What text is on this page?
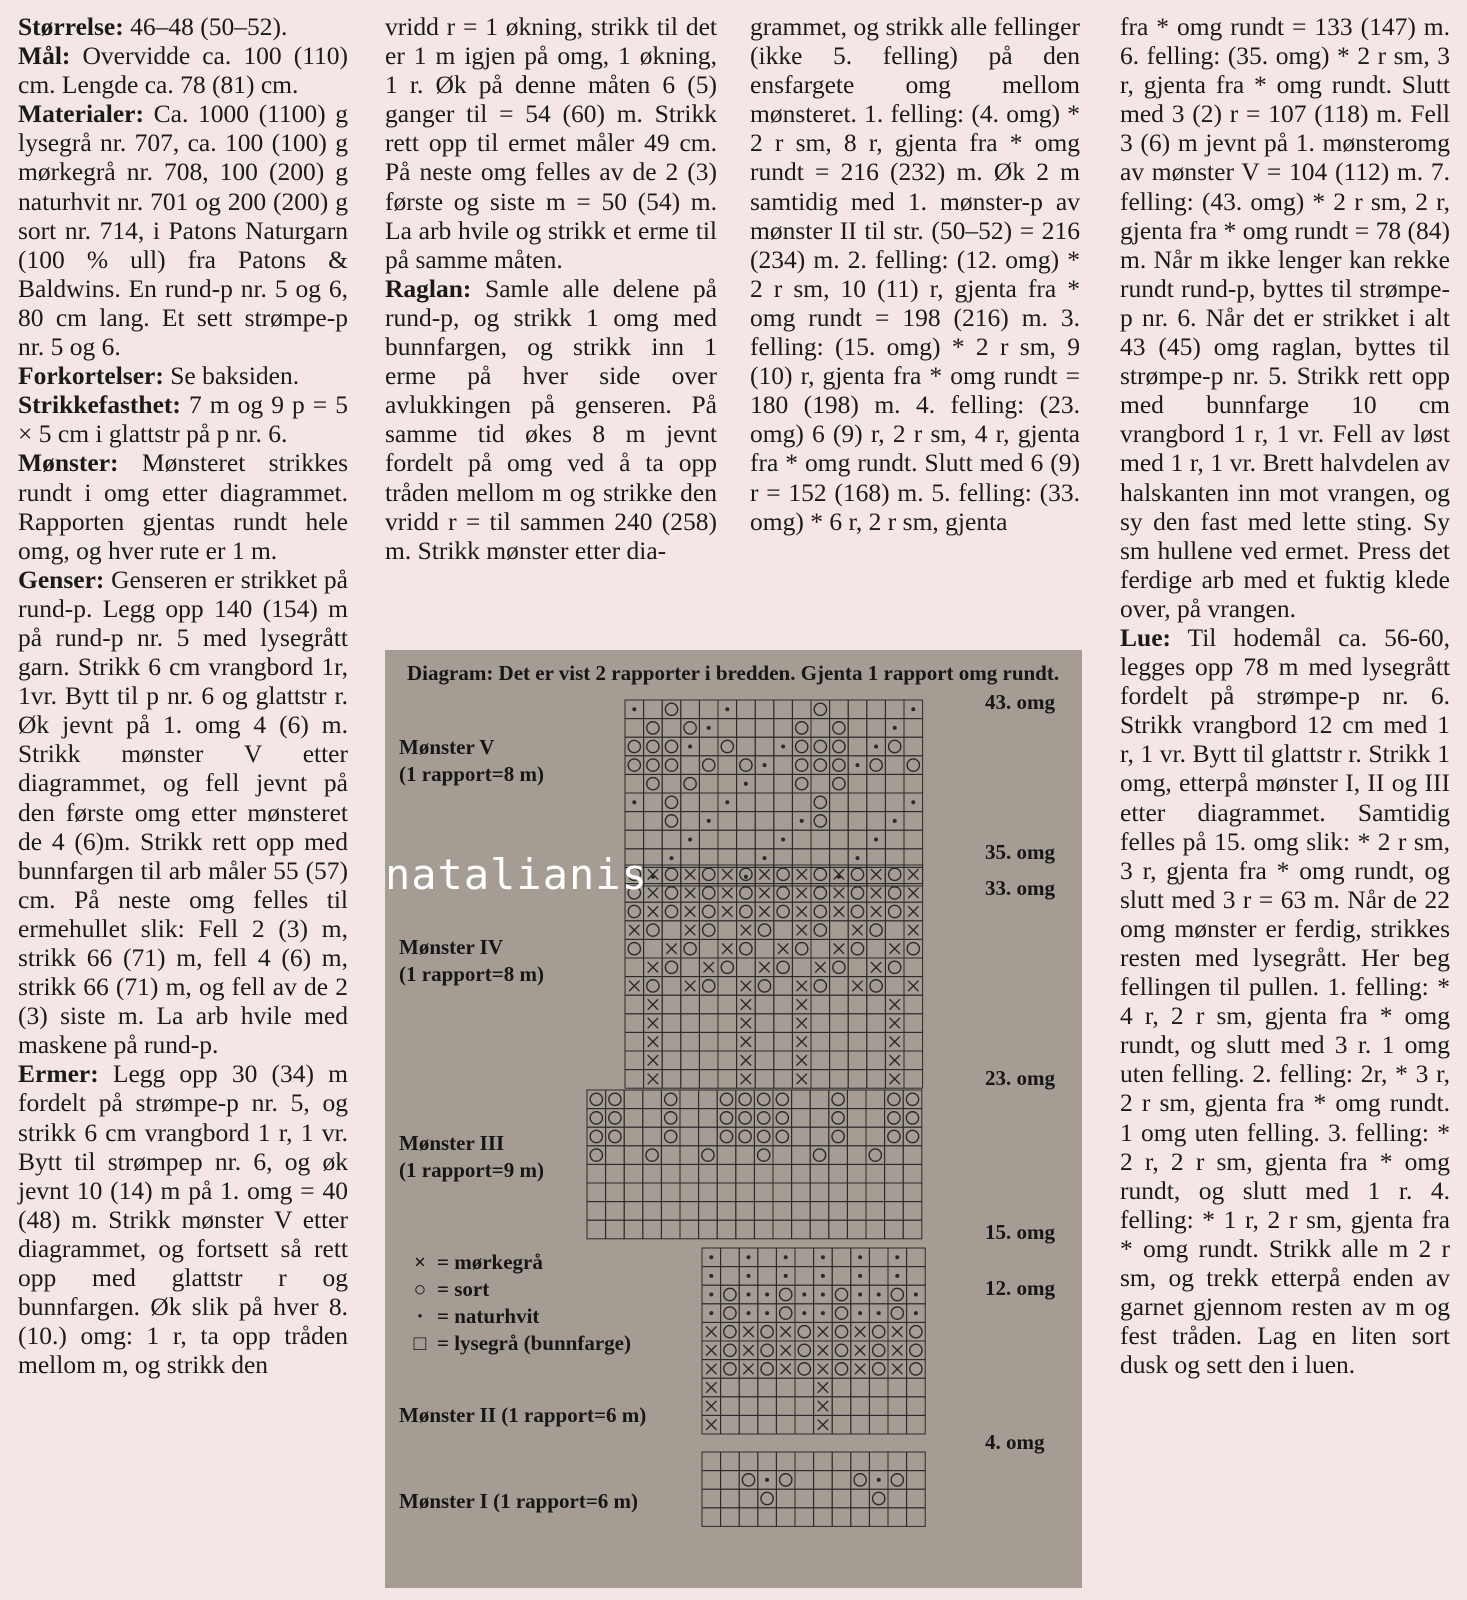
Størrelse: 46–48 (50–52).

Mål: Overvidde ca. 100 (110) cm. Lengde ca. 78 (81) cm.

Materialer: Ca. 1000 (1100) g lysegrå nr. 707, ca. 100 (100) g mørkegrå nr. 708, 100 (200) g naturhvit nr. 701 og 200 (200) g sort nr. 714, i Patons Naturgarn (100 % ull) fra Patons & Baldwins. En rund-p nr. 5 og 6, 80 cm lang. Et sett strømpe-p nr. 5 og 6.

Forkortelser: Se baksiden.

Strikkefasthet: 7 m og 9 p = 5 × 5 cm i glattstr på p nr. 6.

Mønster: Mønsteret strikkes rundt i omg etter diagrammet. Rapporten gjentas rundt hele omg, og hver rute er 1 m.

Genser: Genseren er strikket på rund-p. Legg opp 140 (154) m på rund-p nr. 5 med lysegrått garn. Strikk 6 cm vrangbord 1r, 1vr. Bytt til p nr. 6 og glattstr r. Øk jevnt på 1. omg 4 (6) m. Strikk mønster V etter diagrammet, og fell jevnt på den første omg etter mønsteret de 4 (6)m. Strikk rett opp med bunnfargen til arb måler 55 (57) cm. På neste omg felles til ermehullet slik: Fell 2 (3) m, strikk 66 (71) m, fell 4 (6) m, strikk 66 (71) m, og fell av de 2 (3) siste m. La arb hvile med maskene på rund-p.

Ermer: Legg opp 30 (34) m fordelt på strømpe-p nr. 5, og strikk 6 cm vrangbord 1 r, 1 vr. Bytt til strømpep nr. 6, og øk jevnt 10 (14) m på 1. omg = 40 (48) m. Strikk mønster V etter diagrammet, og fortsett så rett opp med glattstr r og bunnfargen. Øk slik på hver 8. (10.) omg: 1 r, ta opp tråden mellom m, og strikk den

vridd r = 1 økning, strikk til det er 1 m igjen på omg, 1 økning, 1 r. Øk på denne måten 6 (5) ganger til = 54 (60) m. Strikk rett opp til ermet måler 49 cm. På neste omg felles av de 2 (3) første og siste m = 50 (54) m. La arb hvile og strikk et erme til på samme måten.

Raglan: Samle alle delene på rund-p, og strikk 1 omg med bunnfargen, og strikk inn 1 erme på hver side over avlukkingen på genseren. På samme tid økes 8 m jevnt fordelt på omg ved å ta opp tråden mellom m og strikke den vridd r = til sammen 240 (258) m. Strikk mønster etter dia-

grammet, og strikk alle fellinger (ikke 5. felling) på den ensfargete omg mellom mønsteret. 1. felling: (4. omg) * 2 r sm, 8 r, gjenta fra * omg rundt = 216 (232) m. Øk 2 m samtidig med 1. mønster-p av mønster II til str. (50–52) = 216 (234) m. 2. felling: (12. omg) * 2 r sm, 10 (11) r, gjenta fra * omg rundt = 198 (216) m. 3. felling: (15. omg) * 2 r sm, 9 (10) r, gjenta fra * omg rundt = 180 (198) m. 4. felling: (23. omg) 6 (9) r, 2 r sm, 4 r, gjenta fra * omg rundt. Slutt med 6 (9) r = 152 (168) m. 5. felling: (33. omg) * 6 r, 2 r sm, gjenta

fra * omg rundt = 133 (147) m. 6. felling: (35. omg) * 2 r sm, 3 r, gjenta fra * omg rundt. Slutt med 3 (2) r = 107 (118) m. Fell 3 (6) m jevnt på 1. mønsteromg av mønster V = 104 (112) m. 7. felling: (43. omg) * 2 r sm, 2 r, gjenta fra * omg rundt = 78 (84) m. Når m ikke lenger kan rekke rundt rund-p, byttes til strømpe-p nr. 6. Når det er strikket i alt 43 (45) omg raglan, byttes til strømpe-p nr. 5. Strikk rett opp med bunnfarge 10 cm vrangbord 1 r, 1 vr. Fell av løst med 1 r, 1 vr. Brett halvdelen av halskanten inn mot vrangen, og sy den fast med lette sting. Sy sm hullene ved ermet. Press det ferdige arb med et fuktig klede over, på vrangen.

Lue: Til hodemål ca. 56-60, legges opp 78 m med lysegrått fordelt på strømpe-p nr. 6. Strikk vrangbord 12 cm med 1 r, 1 vr. Bytt til glattstr r. Strikk 1 omg, etterpå mønster I, II og III etter diagrammet. Samtidig felles på 15. omg slik: * 2 r sm, 3 r, gjenta fra * omg rundt, og slutt med 3 r = 63 m. Når de 22 omg mønster er ferdig, strikkes resten med lysegrått. Her beg fellingen til pullen. 1. felling: * 4 r, 2 r sm, gjenta fra * omg rundt, og slutt med 3 r. 1 omg uten felling. 2. felling: 2r, * 3 r, 2 r sm, gjenta fra * omg rundt. 1 omg uten felling. 3. felling: * 2 r, 2 r sm, gjenta fra * omg rundt, og slutt med 1 r. 4. felling: * 1 r, 2 r sm, gjenta fra * omg rundt. Strikk alle m 2 r sm, og trekk etterpå enden av garnet gjennom resten av m og fest tråden. Lag en liten sort dusk og sett den i luen.

Diagram: Det er vist 2 rapporter i bredden. Gjenta 1 rapport omg rundt.
Mønster V
(1 rapport=8 m)
Mønster IV
(1 rapport=8 m)
Mønster III
(1 rapport=9 m)
Mønster II (1 rapport=6 m)
Mønster I (1 rapport=6 m)
43. omg
35. omg
33. omg
23. omg
15. omg
12. omg
4. omg
× = mørkegrå
○ = sort
· = naturhvit
□ = lysegrå (bunnfarge)
natalianis
